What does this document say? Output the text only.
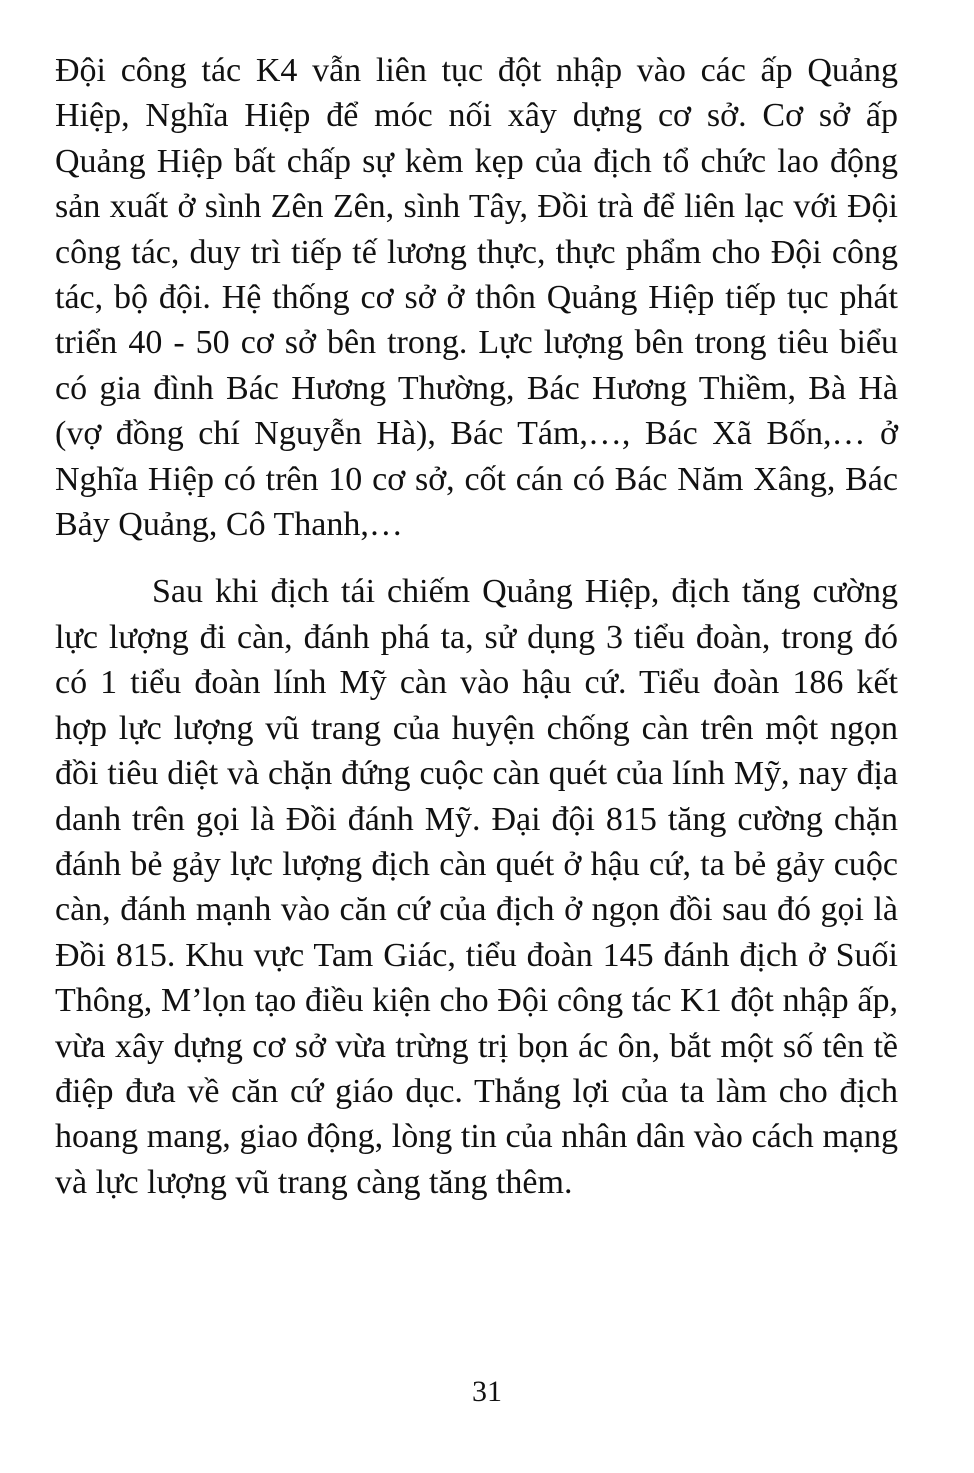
Đội công tác K4 vẫn liên tục đột nhập vào các ấp Quảng Hiệp, Nghĩa Hiệp để móc nối xây dựng cơ sở. Cơ sở ấp Quảng Hiệp bất chấp sự kèm kẹp của địch tổ chức lao động sản xuất ở sình Zên Zên, sình Tây, Đồi trà để liên lạc với Đội công tác, duy trì tiếp tế lương thực, thực phẩm cho Đội công tác, bộ đội. Hệ thống cơ sở ở thôn Quảng Hiệp tiếp tục phát triển 40 - 50 cơ sở bên trong. Lực lượng bên trong tiêu biểu có gia đình Bác Hương Thường, Bác Hương Thiềm, Bà Hà (vợ đồng chí Nguyễn Hà), Bác Tám,…, Bác Xã Bốn,… ở Nghĩa Hiệp có trên 10 cơ sở, cốt cán có Bác Năm Xâng, Bác Bảy Quảng, Cô Thanh,…

Sau khi địch tái chiếm Quảng Hiệp, địch tăng cường lực lượng đi càn, đánh phá ta, sử dụng 3 tiểu đoàn, trong đó có 1 tiểu đoàn lính Mỹ càn vào hậu cứ. Tiểu đoàn 186 kết hợp lực lượng vũ trang của huyện chống càn trên một ngọn đồi tiêu diệt và chặn đứng cuộc càn quét của lính Mỹ, nay địa danh trên gọi là Đồi đánh Mỹ. Đại đội 815 tăng cường chặn đánh bẻ gảy lực lượng địch càn quét ở hậu cứ, ta bẻ gảy cuộc càn, đánh mạnh vào căn cứ của địch ở ngọn đồi sau đó gọi là Đồi 815. Khu vực Tam Giác, tiểu đoàn 145 đánh địch ở Suối Thông, M’lọn tạo điều kiện cho Đội công tác K1 đột nhập ấp, vừa xây dựng cơ sở vừa trừng trị bọn ác ôn, bắt một số tên tề điệp đưa về căn cứ giáo dục. Thắng lợi của ta làm cho địch hoang mang, giao động, lòng tin của nhân dân vào cách mạng và lực lượng vũ trang càng tăng thêm.

31
